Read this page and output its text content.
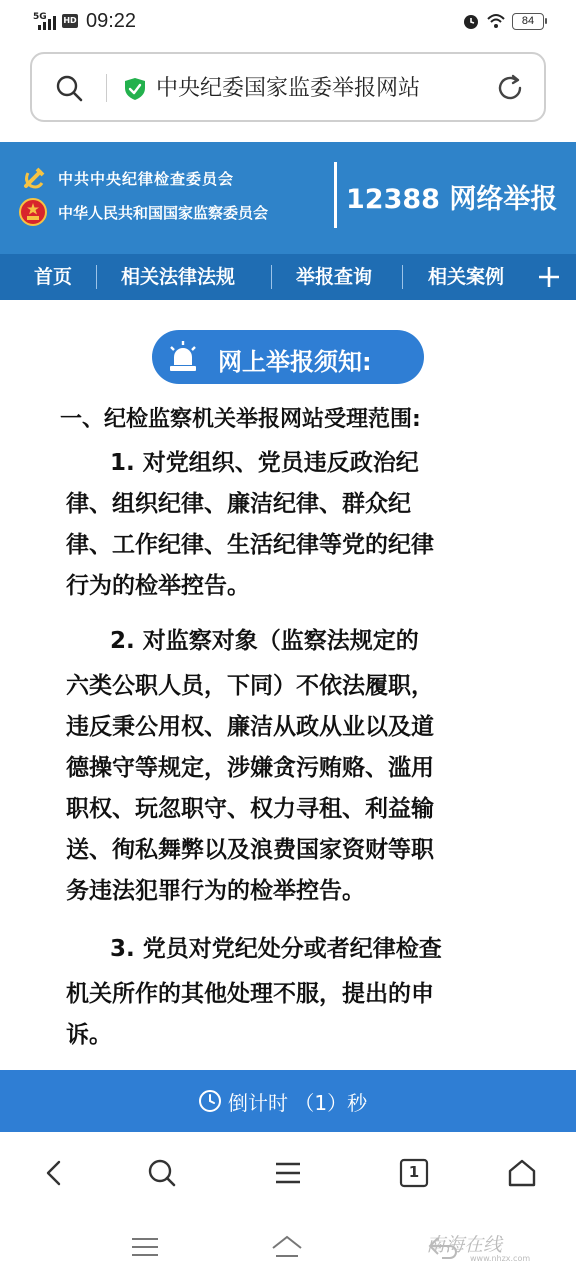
5G HD 09:22	84
中央纪委国家监委举报网站
中共中央纪律检查委员会
中华人民共和国国家监察委员会	12388 网络举报
首页	相关法律法规	举报查询	相关案例
网上举报须知:
一、纪检监察机关举报网站受理范围:
1. 对党组织、党员违反政治纪
律、组织纪律、廉洁纪律、群众纪
律、工作纪律、生活纪律等党的纪律
行为的检举控告。
2. 对监察对象（监察法规定的
六类公职人员，下同）不依法履职，
违反秉公用权、廉洁从政从业以及道
德操守等规定，涉嫌贪污贿赂、滥用
职权、玩忽职守、权力寻租、利益输
送、徇私舞弊以及浪费国家资财等职
务违法犯罪行为的检举控告。
3. 党员对党纪处分或者纪律检查
机关所作的其他处理不服，提出的申
诉。
倒计时 （1）秒
1
南海在线
www.nhzx.com
